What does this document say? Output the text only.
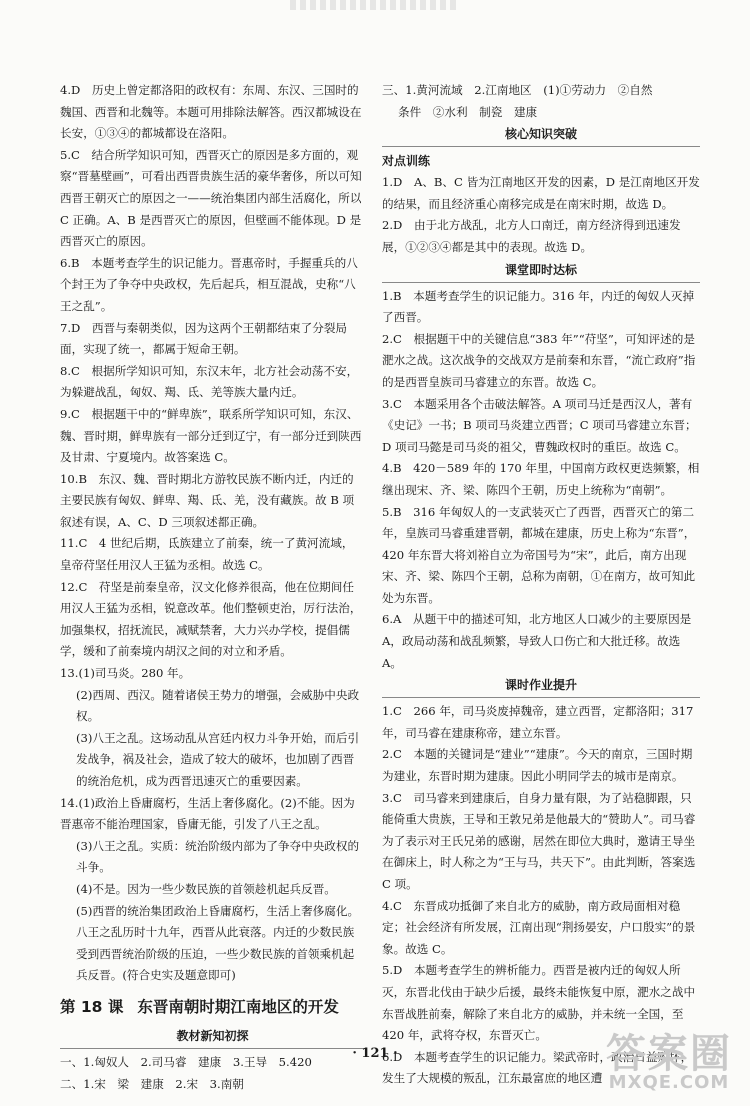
4.D　历史上曾定都洛阳的政权有：东周、东汉、三国时的魏国、西晋和北魏等。本题可用排除法解答。西汉都城设在长安，①③④的都城都设在洛阳。

5.C　结合所学知识可知，西晋灭亡的原因是多方面的，观察“晋墓壁画”，可看出西晋贵族生活的豪华奢侈，所以可知西晋王朝灭亡的原因之一——统治集团内部生活腐化，所以 C 正确。A、B 是西晋灭亡的原因，但壁画不能体现。D 是西晋灭亡的原因。

6.B　本题考查学生的识记能力。晋惠帝时，手握重兵的八个封王为了争夺中央政权，先后起兵，相互混战，史称“八王之乱”。

7.D　西晋与秦朝类似，因为这两个王朝都结束了分裂局面，实现了统一，都属于短命王朝。

8.C　根据所学知识可知，东汉末年，北方社会动荡不安，为躲避战乱，匈奴、羯、氐、羌等族大量内迁。

9.C　根据题干中的“鲜卑族”，联系所学知识可知，东汉、魏、晋时期，鲜卑族有一部分迁到辽宁，有一部分迁到陕西及甘肃、宁夏境内。故答案选 C。

10.B　东汉、魏、晋时期北方游牧民族不断内迁，内迁的主要民族有匈奴、鲜卑、羯、氐、羌，没有藏族。故 B 项叙述有误，A、C、D 三项叙述都正确。

11.C　4 世纪后期，氐族建立了前秦，统一了黄河流域，皇帝苻坚任用汉人王猛为丞相。故选 C。

12.C　苻坚是前秦皇帝，汉文化修养很高，他在位期间任用汉人王猛为丞相，锐意改革。他们整顿吏治，厉行法治，加强集权，招抚流民，减赋禁奢，大力兴办学校，提倡儒学，缓和了前秦境内胡汉之间的对立和矛盾。

13.(1)司马炎。280 年。

(2)西周、西汉。随着诸侯王势力的增强，会威胁中央政权。

(3)八王之乱。这场动乱从宫廷内权力斗争开始，而后引发战争，祸及社会，造成了较大的破坏，也加剧了西晋的统治危机，成为西晋迅速灭亡的重要因素。

14.(1)政治上昏庸腐朽，生活上奢侈腐化。(2)不能。因为晋惠帝不能治理国家，昏庸无能，引发了八王之乱。

(3)八王之乱。实质：统治阶级内部为了争夺中央政权的斗争。

(4)不是。因为一些少数民族的首领趁机起兵反晋。

(5)西晋的统治集团政治上昏庸腐朽，生活上奢侈腐化。八王之乱历时十九年，西晋从此衰落。内迁的少数民族受到西晋统治阶级的压迫，一些少数民族的首领乘机起兵反晋。(符合史实及题意即可)

第 18 课 东晋南朝时期江南地区的开发

教材新知初探

一、1.匈奴人　2.司马睿　建康　3.王导　5.420

二、1.宋　梁　建康　2.宋　3.南朝

三、1.黄河流域　2.江南地区　(1)①劳动力　②自然

条件　②水利　制瓷　建康

核心知识突破

对点训练

1.D　A、B、C 皆为江南地区开发的因素，D 是江南地区开发的结果，而且经济重心南移完成是在南宋时期，故选 D。

2.D　由于北方战乱，北方人口南迁，南方经济得到迅速发展，①②③④都是其中的表现。故选 D。

课堂即时达标

1.B　本题考查学生的识记能力。316 年，内迁的匈奴人灭掉了西晋。

2.C　根据题干中的关键信息“383 年”“苻坚”，可知评述的是淝水之战。这次战争的交战双方是前秦和东晋，“流亡政府”指的是西晋皇族司马睿建立的东晋。故选 C。

3.C　本题采用各个击破法解答。A 项司马迁是西汉人，著有《史记》一书；B 项司马炎建立西晋；C 项司马睿建立东晋；D 项司马懿是司马炎的祖父，曹魏政权时的重臣。故选 C。

4.B　420－589 年的 170 年里，中国南方政权更迭频繁，相继出现宋、齐、梁、陈四个王朝，历史上统称为“南朝”。

5.B　316 年匈奴人的一支武装灭亡了西晋，西晋灭亡的第二年，皇族司马睿重建晋朝，都城在建康，历史上称为“东晋”，420 年东晋大将刘裕自立为帝国号为“宋”，此后，南方出现宋、齐、梁、陈四个王朝，总称为南朝，①在南方，故可知此处为东晋。

6.A　从题干中的描述可知，北方地区人口减少的主要原因是 A，政局动荡和战乱频繁，导致人口伤亡和大批迁移。故选 A。

课时作业提升

1.C　266 年，司马炎废掉魏帝，建立西晋，定都洛阳；317 年，司马睿在建康称帝，建立东晋。

2.C　本题的关键词是“建业”“建康”。今天的南京，三国时期为建业，东晋时期为建康。因此小明同学去的城市是南京。

3.C　司马睿来到建康后，自身力量有限，为了站稳脚跟，只能倚重大贵族，王导和王敦兄弟是他最大的“赞助人”。司马睿为了表示对王氏兄弟的感谢，居然在即位大典时，邀请王导坐在御床上，时人称之为“王与马，共天下”。由此判断，答案选 C 项。

4.C　东晋成功抵御了来自北方的威胁，南方政局面相对稳定；社会经济有所发展，江南出现“荆扬晏安，户口殷实”的景象。故选 C。

5.D　本题考查学生的辨析能力。西晋是被内迁的匈奴人所灭，东晋北伐由于缺少后援，最终未能恢复中原，淝水之战中东晋战胜前秦，解除了来自北方的威胁，并未统一全国，至 420 年，武将夺权，东晋灭亡。

6.D　本题考查学生的识记能力。梁武帝时，政治日益败坏，发生了大规模的叛乱，江东最富庶的地区遭

· 121 ·	答案圈
MXQE.COM
